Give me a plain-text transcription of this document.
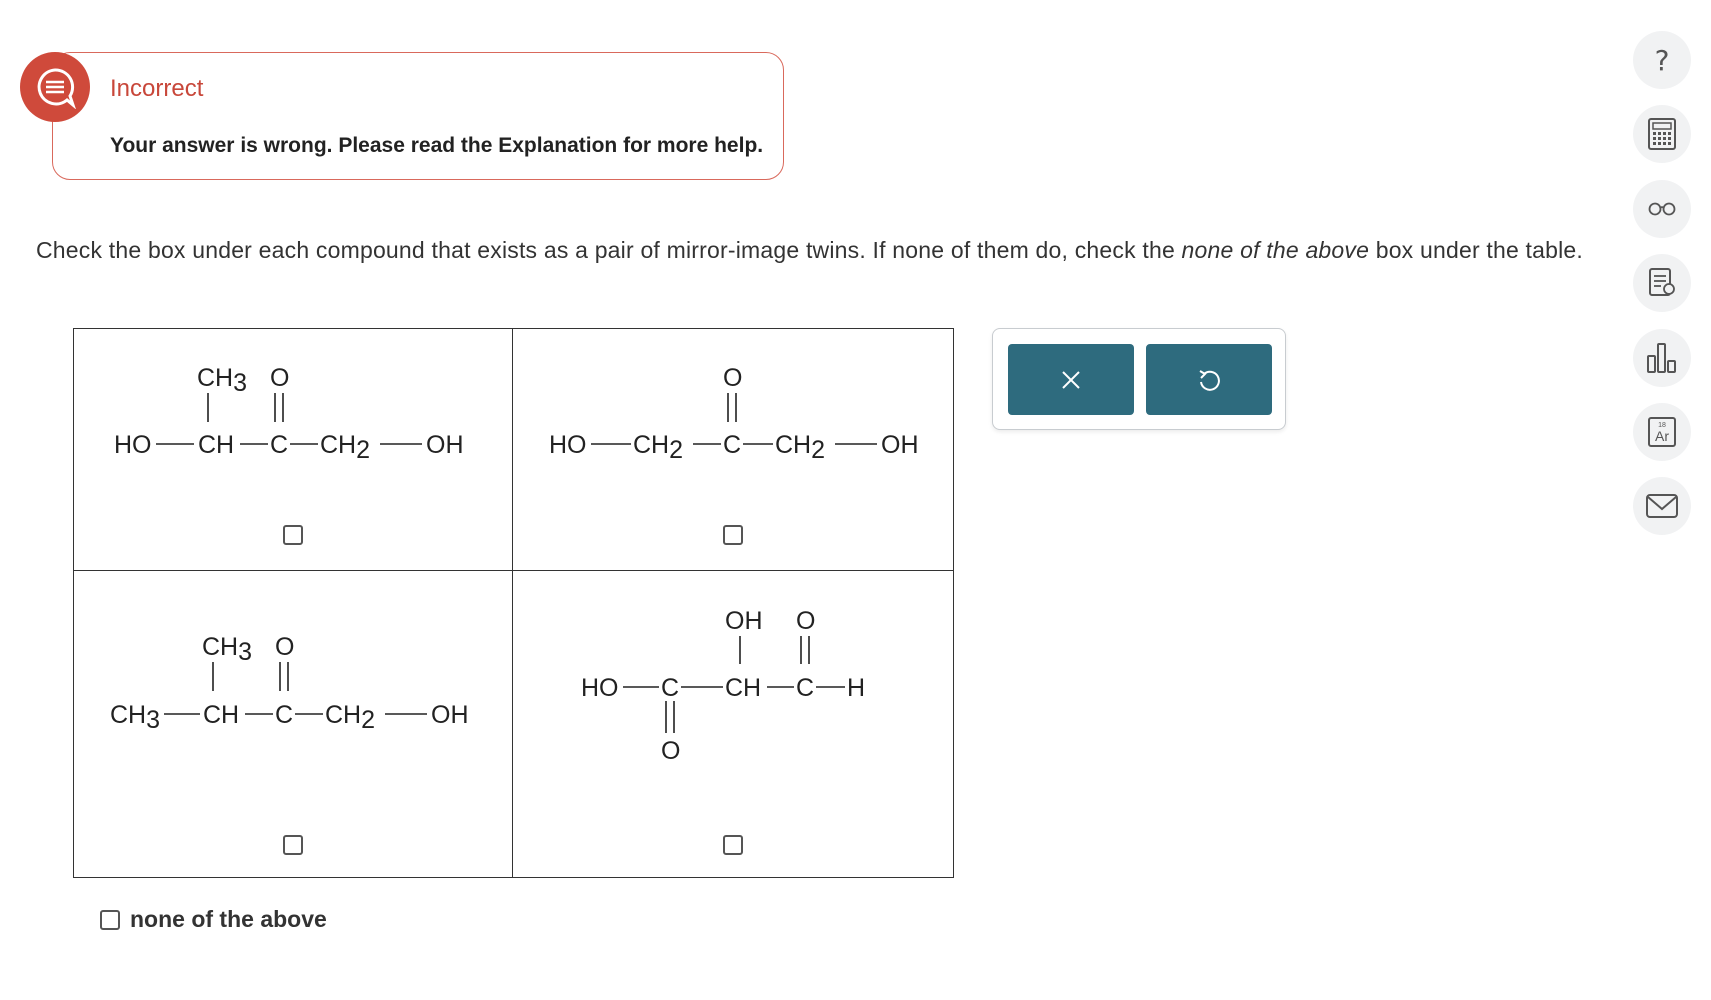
Incorrect
Your answer is wrong. Please read the Explanation for more help.
Check the box under each compound that exists as a pair of mirror-image twins. If none of them do, check the none of the above box under the table.
CH3 O
HO CH C CH2 OH
O
HO CH2 C CH2 OH
CH3 O
CH3 CH C CH2 OH
OH O
HO C CH C H
O
none of the above
?
18
Ar
